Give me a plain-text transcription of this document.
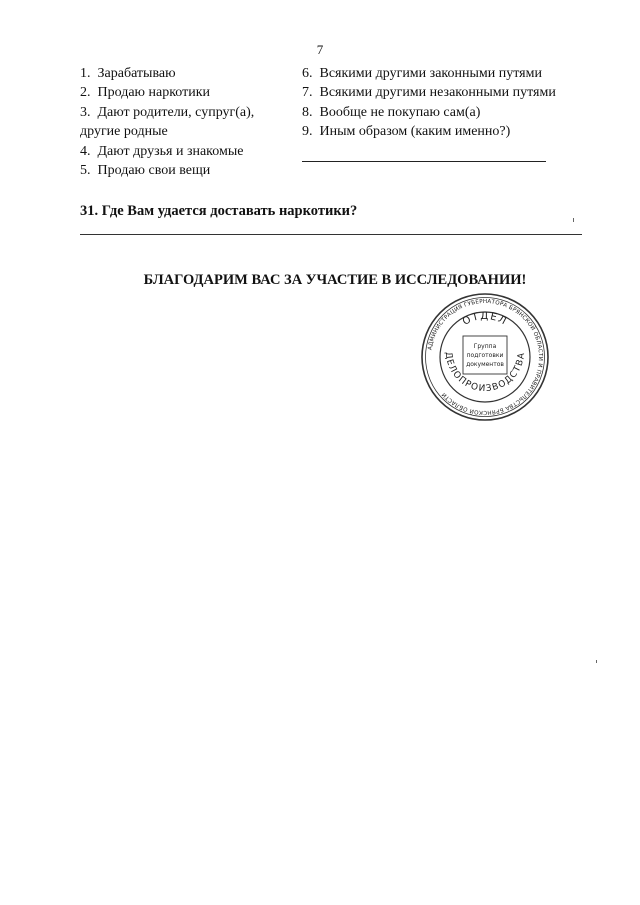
7
1. Зарабатываю
2. Продаю наркотики
3. Дают родители, супруг(а), другие родные
4. Дают друзья и знакомые
5. Продаю свои вещи
6. Всякими другими законными путями
7. Всякими другими незаконными путями
8. Вообще не покупаю сам(а)
9. Иным образом (каким именно?)
31. Где Вам удается доставать наркотики?
БЛАГОДАРИМ ВАС ЗА УЧАСТИЕ В ИССЛЕДОВАНИИ!
АДМИНИСТРАЦИЯ ГУБЕРНАТОРА БРЯНСКОЙ ОБЛАСТИ И ПРАВИТЕЛЬСТВА БРЯНСКОЙ ОБЛАСТИ
ОТДЕЛ
ДЕЛОПРОИЗВОДСТВА
Группа
подготовки
документов
